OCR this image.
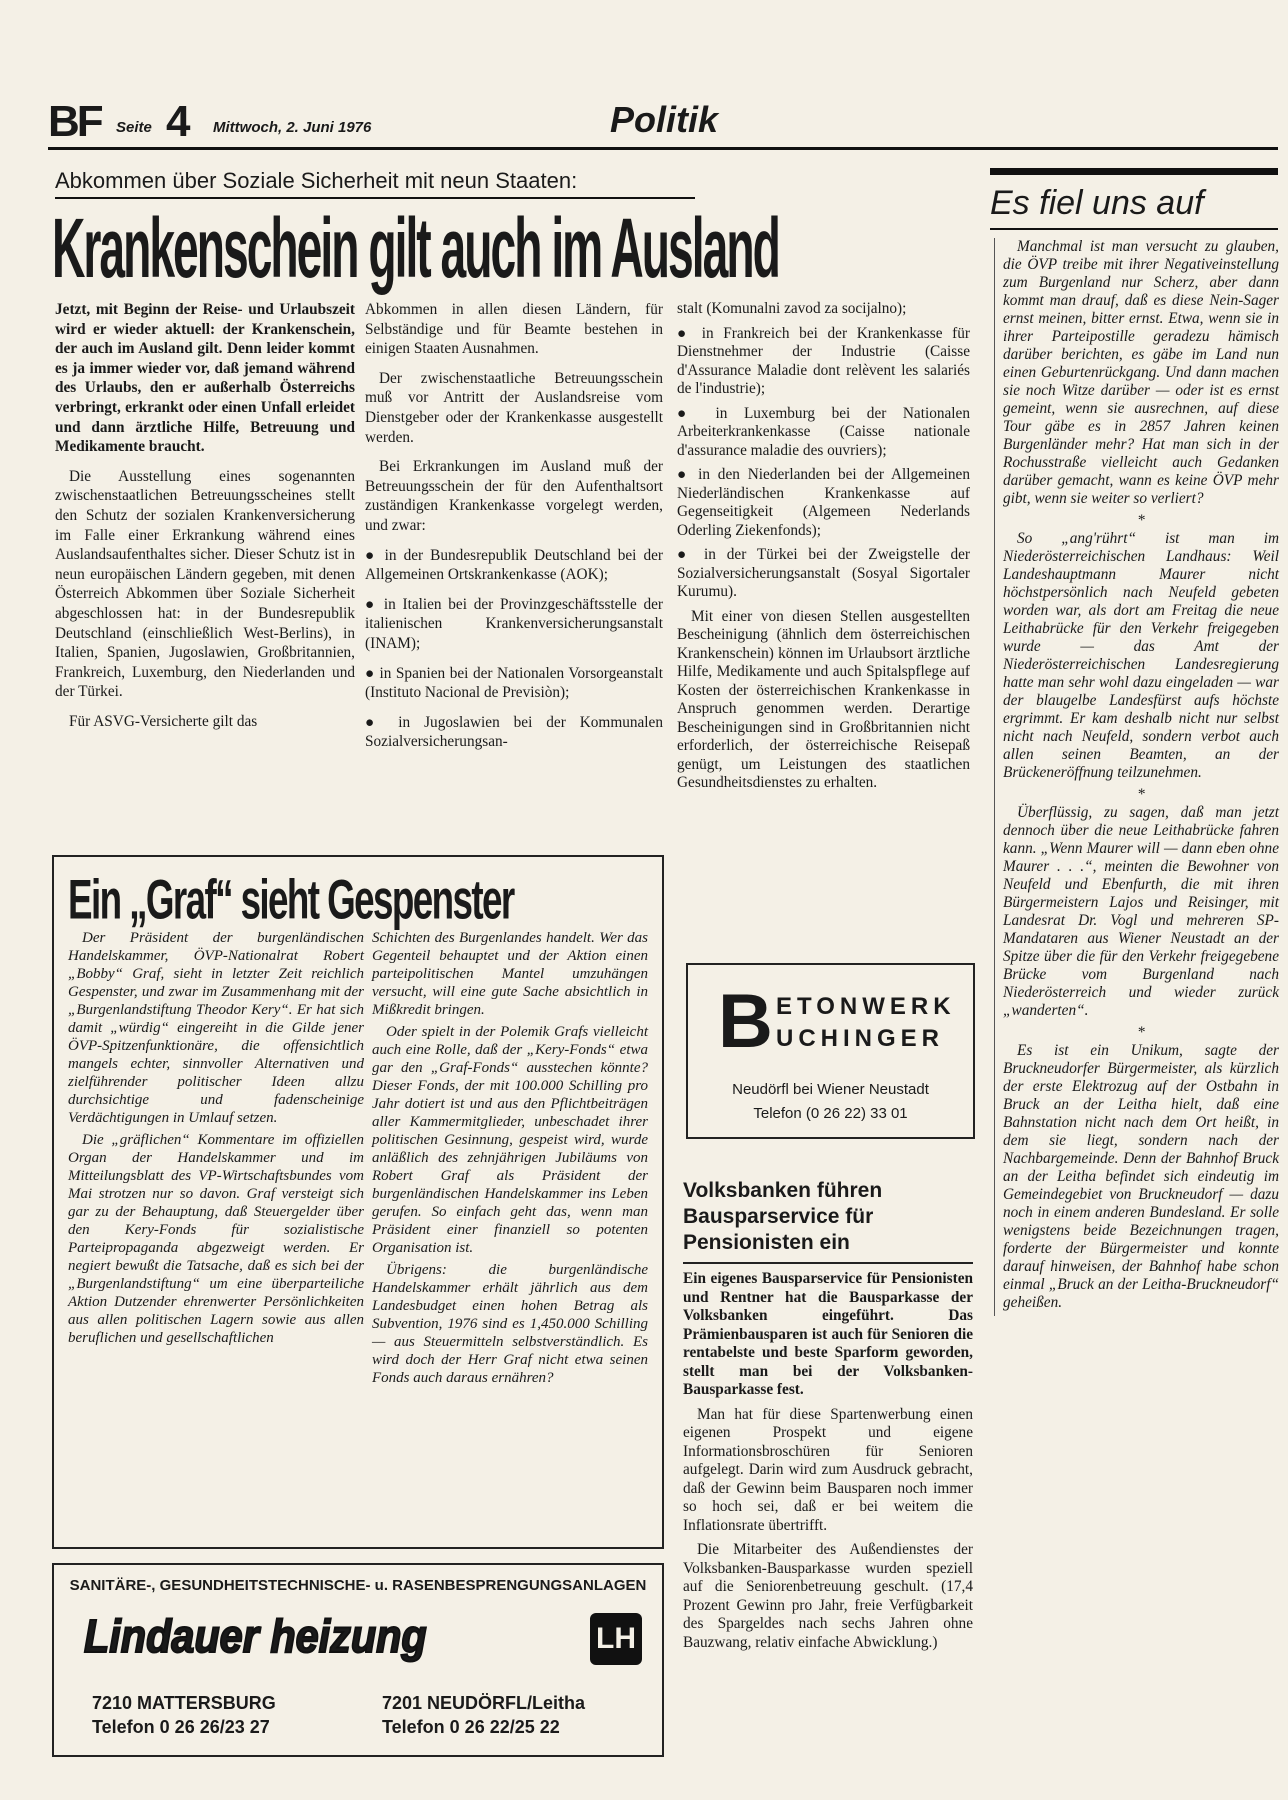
BF Seite 4 Mittwoch, 2. Juni 1976	Politik
Abkommen über Soziale Sicherheit mit neun Staaten:
Krankenschein gilt auch im Ausland

Jetzt, mit Beginn der Reise- und Urlaubszeit wird er wieder aktuell: der Krankenschein, der auch im Ausland gilt. Denn leider kommt es ja immer wieder vor, daß jemand während des Urlaubs, den er außerhalb Österreichs verbringt, erkrankt oder einen Unfall erleidet und dann ärztliche Hilfe, Betreuung und Medikamente braucht.

Die Ausstellung eines sogenannten zwischenstaatlichen Betreuungsscheines stellt den Schutz der sozialen Krankenversicherung im Falle einer Erkrankung während eines Auslandsaufenthaltes sicher. Dieser Schutz ist in neun europäischen Ländern gegeben, mit denen Österreich Abkommen über Soziale Sicherheit abgeschlossen hat: in der Bundesrepublik Deutschland (einschließlich West-Berlins), in Italien, Spanien, Jugoslawien, Großbritannien, Frankreich, Luxemburg, den Niederlanden und der Türkei.

Für ASVG-Versicherte gilt das

Abkommen in allen diesen Ländern, für Selbständige und für Beamte bestehen in einigen Staaten Ausnahmen.

Der zwischenstaatliche Betreuungsschein muß vor Antritt der Auslandsreise vom Dienstgeber oder der Krankenkasse ausgestellt werden.

Bei Erkrankungen im Ausland muß der Betreuungsschein der für den Aufenthaltsort zuständigen Krankenkasse vorgelegt werden, und zwar:

● in der Bundesrepublik Deutschland bei der Allgemeinen Ortskrankenkasse (AOK);

● in Italien bei der Provinzgeschäftsstelle der italienischen Krankenversicherungsanstalt (INAM);

● in Spanien bei der Nationalen Vorsorgeanstalt (Instituto Nacional de Previsiòn);

● in Jugoslawien bei der Kommunalen Sozialversicherungsan-

stalt (Komunalni zavod za socijalno);

● in Frankreich bei der Krankenkasse für Dienstnehmer der Industrie (Caisse d'Assurance Maladie dont relèvent les salariés de l'industrie);

● in Luxemburg bei der Nationalen Arbeiterkrankenkasse (Caisse nationale d'assurance maladie des ouvriers);

● in den Niederlanden bei der Allgemeinen Niederländischen Krankenkasse auf Gegenseitigkeit (Algemeen Nederlands Oderling Ziekenfonds);

● in der Türkei bei der Zweigstelle der Sozialversicherungsanstalt (Sosyal Sigortaler Kurumu).

Mit einer von diesen Stellen ausgestellten Bescheinigung (ähnlich dem österreichischen Krankenschein) können im Urlaubsort ärztliche Hilfe, Medikamente und auch Spitalspflege auf Kosten der österreichischen Krankenkasse in Anspruch genommen werden. Derartige Bescheinigungen sind in Großbritannien nicht erforderlich, der österreichische Reisepaß genügt, um Leistungen des staatlichen Gesundheitsdienstes zu erhalten.

Ein „Graf“ sieht Gespenster

Der Präsident der burgenländischen Handelskammer, ÖVP-Nationalrat Robert „Bobby“ Graf, sieht in letzter Zeit reichlich Gespenster, und zwar im Zusammenhang mit der „Burgenlandstiftung Theodor Kery“. Er hat sich damit „würdig“ eingereiht in die Gilde jener ÖVP-Spitzenfunktionäre, die offensichtlich mangels echter, sinnvoller Alternativen und zielführender politischer Ideen allzu durchsichtige und fadenscheinige Verdächtigungen in Umlauf setzen.

Die „gräflichen“ Kommentare im offiziellen Organ der Handelskammer und im Mitteilungsblatt des VP-Wirtschaftsbundes vom Mai strotzen nur so davon. Graf versteigt sich gar zu der Behauptung, daß Steuergelder über den Kery-Fonds für sozialistische Parteipropaganda abgezweigt werden. Er negiert bewußt die Tatsache, daß es sich bei der „Burgenlandstiftung“ um eine überparteiliche Aktion Dutzender ehrenwerter Persönlichkeiten aus allen politischen Lagern sowie aus allen beruflichen und gesellschaftlichen

Schichten des Burgenlandes handelt. Wer das Gegenteil behauptet und der Aktion einen parteipolitischen Mantel umzuhängen versucht, will eine gute Sache absichtlich in Mißkredit bringen.

Oder spielt in der Polemik Grafs vielleicht auch eine Rolle, daß der „Kery-Fonds“ etwa gar den „Graf-Fonds“ ausstechen könnte? Dieser Fonds, der mit 100.000 Schilling pro Jahr dotiert ist und aus den Pflichtbeiträgen aller Kammermitglieder, unbeschadet ihrer politischen Gesinnung, gespeist wird, wurde anläßlich des zehnjährigen Jubiläums von Robert Graf als Präsident der burgenländischen Handelskammer ins Leben gerufen. So einfach geht das, wenn man Präsident einer finanziell so potenten Organisation ist.

Übrigens: die burgenländische Handelskammer erhält jährlich aus dem Landesbudget einen hohen Betrag als Subvention, 1976 sind es 1,450.000 Schilling — aus Steuermitteln selbstverständlich. Es wird doch der Herr Graf nicht etwa seinen Fonds auch daraus ernähren?

B ETONWERK
UCHINGER
Neudörfl bei Wiener Neustadt
Telefon (0 26 22) 33 01
Volksbanken führen Bausparservice für Pensionisten ein

Ein eigenes Bausparservice für Pensionisten und Rentner hat die Bausparkasse der Volksbanken eingeführt. Das Prämienbausparen ist auch für Senioren die rentabelste und beste Sparform geworden, stellt man bei der Volksbanken-Bausparkasse fest.

Man hat für diese Spartenwerbung einen eigenen Prospekt und eigene Informationsbroschüren für Senioren aufgelegt. Darin wird zum Ausdruck gebracht, daß der Gewinn beim Bausparen noch immer so hoch sei, daß er bei weitem die Inflationsrate übertrifft.

Die Mitarbeiter des Außendienstes der Volksbanken-Bausparkasse wurden speziell auf die Seniorenbetreuung geschult. (17,4 Prozent Gewinn pro Jahr, freie Verfügbarkeit des Spargeldes nach sechs Jahren ohne Bauzwang, relativ einfache Abwicklung.)

SANITÄRE-, GESUNDHEITSTECHNISCHE- u. RASENBESPRENGUNGSANLAGEN
Lindauer heizung	LH
7210 MATTERSBURG
Telefon 0 26 26/23 27
7201 NEUDÖRFL/Leitha
Telefon 0 26 22/25 22
Es fiel uns auf

Manchmal ist man versucht zu glauben, die ÖVP treibe mit ihrer Negativeinstellung zum Burgenland nur Scherz, aber dann kommt man drauf, daß es diese Nein-Sager ernst meinen, bitter ernst. Etwa, wenn sie in ihrer Parteipostille geradezu hämisch darüber berichten, es gäbe im Land nun einen Geburtenrückgang. Und dann machen sie noch Witze darüber — oder ist es ernst gemeint, wenn sie ausrechnen, auf diese Tour gäbe es in 2857 Jahren keinen Burgenländer mehr? Hat man sich in der Rochusstraße vielleicht auch Gedanken darüber gemacht, wann es keine ÖVP mehr gibt, wenn sie weiter so verliert?

*

So „ang'rührt“ ist man im Niederösterreichischen Landhaus: Weil Landeshauptmann Maurer nicht höchstpersönlich nach Neufeld gebeten worden war, als dort am Freitag die neue Leithabrücke für den Verkehr freigegeben wurde — das Amt der Niederösterreichischen Landesregierung hatte man sehr wohl dazu eingeladen — war der blaugelbe Landesfürst aufs höchste ergrimmt. Er kam deshalb nicht nur selbst nicht nach Neufeld, sondern verbot auch allen seinen Beamten, an der Brückeneröffnung teilzunehmen.

*

Überflüssig, zu sagen, daß man jetzt dennoch über die neue Leithabrücke fahren kann. „Wenn Maurer will — dann eben ohne Maurer . . .“, meinten die Bewohner von Neufeld und Ebenfurth, die mit ihren Bürgermeistern Lajos und Reisinger, mit Landesrat Dr. Vogl und mehreren SP-Mandataren aus Wiener Neustadt an der Spitze über die für den Verkehr freigegebene Brücke vom Burgenland nach Niederösterreich und wieder zurück „wanderten“.

*

Es ist ein Unikum, sagte der Bruckneudorfer Bürgermeister, als kürzlich der erste Elektrozug auf der Ostbahn in Bruck an der Leitha hielt, daß eine Bahnstation nicht nach dem Ort heißt, in dem sie liegt, sondern nach der Nachbargemeinde. Denn der Bahnhof Bruck an der Leitha befindet sich eindeutig im Gemeindegebiet von Bruckneudorf — dazu noch in einem anderen Bundesland. Er solle wenigstens beide Bezeichnungen tragen, forderte der Bürgermeister und konnte darauf hinweisen, der Bahnhof habe schon einmal „Bruck an der Leitha-Bruckneudorf“ geheißen.
